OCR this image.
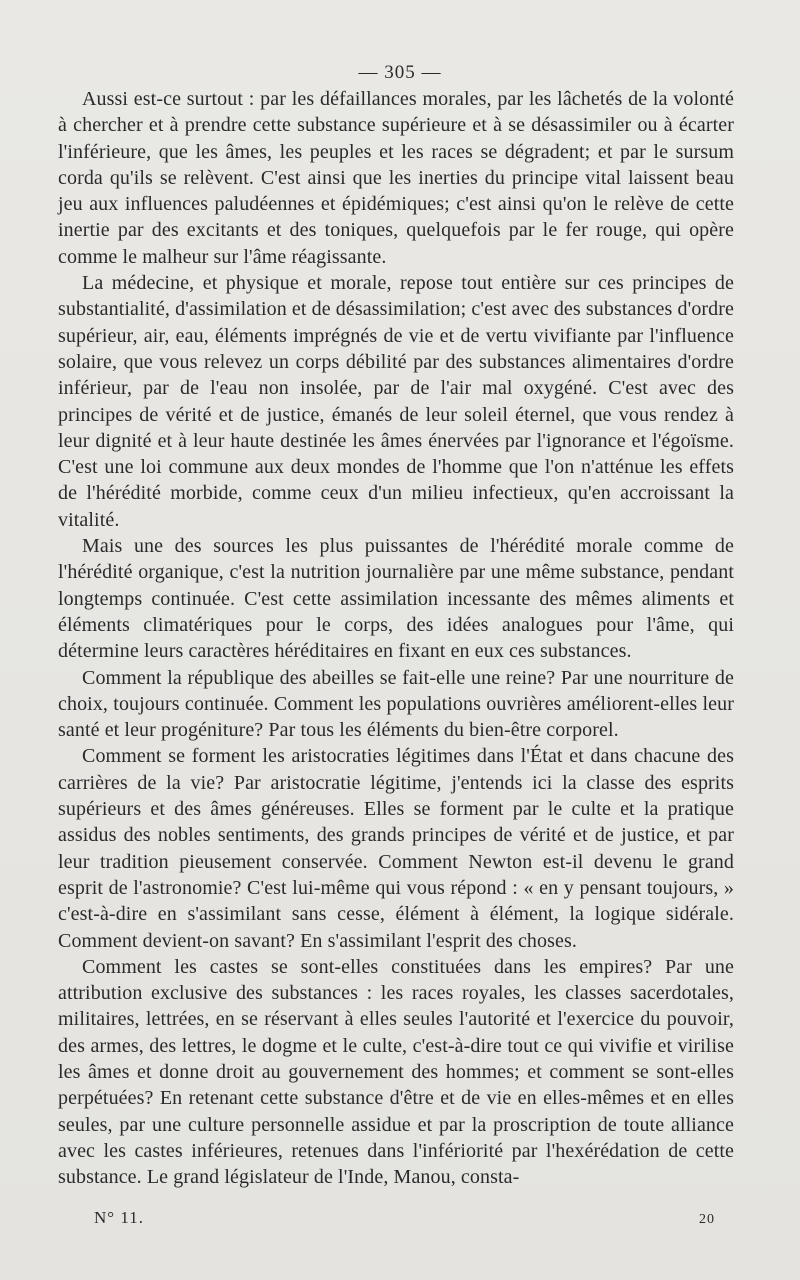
— 305 —

Aussi est-ce surtout : par les défaillances morales, par les lâchetés de la volonté à chercher et à prendre cette substance supérieure et à se désassimiler ou à écarter l'inférieure, que les âmes, les peuples et les races se dégradent; et par le sursum corda qu'ils se relèvent. C'est ainsi que les inerties du principe vital laissent beau jeu aux influences paludéennes et épidémiques; c'est ainsi qu'on le relève de cette inertie par des excitants et des toniques, quelquefois par le fer rouge, qui opère comme le malheur sur l'âme réagissante.

La médecine, et physique et morale, repose tout entière sur ces principes de substantialité, d'assimilation et de désassimilation; c'est avec des substances d'ordre supérieur, air, eau, éléments imprégnés de vie et de vertu vivifiante par l'influence solaire, que vous relevez un corps débilité par des substances alimentaires d'ordre inférieur, par de l'eau non insolée, par de l'air mal oxygéné. C'est avec des principes de vérité et de justice, émanés de leur soleil éternel, que vous rendez à leur dignité et à leur haute destinée les âmes énervées par l'ignorance et l'égoïsme. C'est une loi commune aux deux mondes de l'homme que l'on n'atténue les effets de l'hérédité morbide, comme ceux d'un milieu infectieux, qu'en accroissant la vitalité.

Mais une des sources les plus puissantes de l'hérédité morale comme de l'hérédité organique, c'est la nutrition journalière par une même substance, pendant longtemps continuée. C'est cette assimilation incessante des mêmes aliments et éléments climatériques pour le corps, des idées analogues pour l'âme, qui détermine leurs caractères héréditaires en fixant en eux ces substances.

Comment la république des abeilles se fait-elle une reine? Par une nourriture de choix, toujours continuée. Comment les populations ouvrières améliorent-elles leur santé et leur progéniture? Par tous les éléments du bien-être corporel.

Comment se forment les aristocraties légitimes dans l'État et dans chacune des carrières de la vie? Par aristocratie légitime, j'entends ici la classe des esprits supérieurs et des âmes généreuses. Elles se forment par le culte et la pratique assidus des nobles sentiments, des grands principes de vérité et de justice, et par leur tradition pieusement conservée. Comment Newton est-il devenu le grand esprit de l'astronomie? C'est lui-même qui vous répond : « en y pensant toujours, » c'est-à-dire en s'assimilant sans cesse, élément à élément, la logique sidérale. Comment devient-on savant? En s'assimilant l'esprit des choses.

Comment les castes se sont-elles constituées dans les empires? Par une attribution exclusive des substances : les races royales, les classes sacerdotales, militaires, lettrées, en se réservant à elles seules l'autorité et l'exercice du pouvoir, des armes, des lettres, le dogme et le culte, c'est-à-dire tout ce qui vivifie et virilise les âmes et donne droit au gouvernement des hommes; et comment se sont-elles perpétuées? En retenant cette substance d'être et de vie en elles-mêmes et en elles seules, par une culture personnelle assidue et par la proscription de toute alliance avec les castes inférieures, retenues dans l'infériorité par l'hexérédation de cette substance. Le grand législateur de l'Inde, Manou, consta-

N° 11.	20
